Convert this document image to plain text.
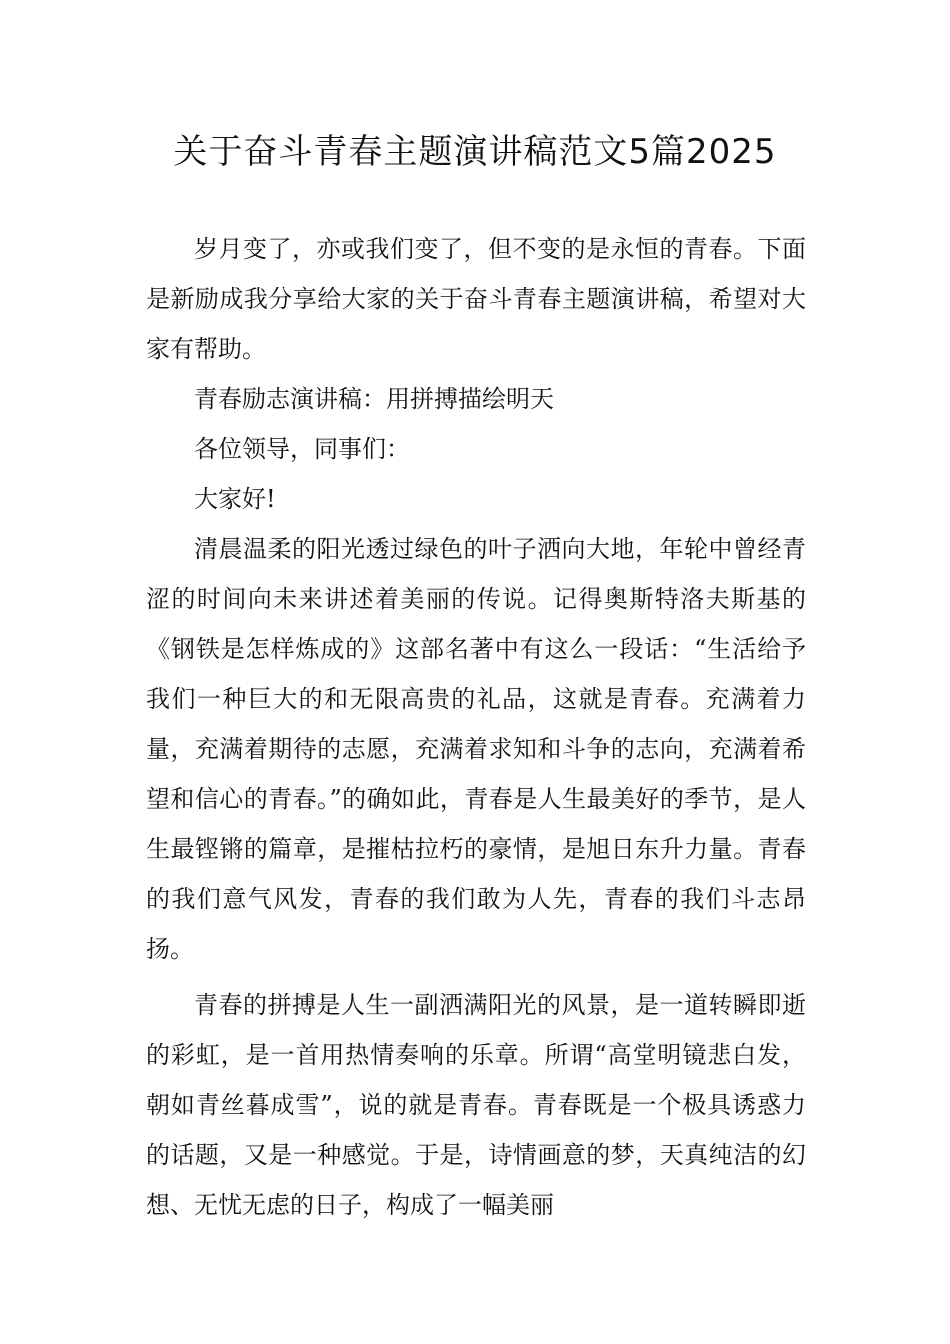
关于奋斗青春主题演讲稿范文5篇2025

岁月变了，亦或我们变了，但不变的是永恒的青春。下面是新励成我分享给大家的关于奋斗青春主题演讲稿，希望对大家有帮助。

青春励志演讲稿：用拼搏描绘明天

各位领导，同事们：

大家好!

清晨温柔的阳光透过绿色的叶子洒向大地，年轮中曾经青涩的时间向未来讲述着美丽的传说。记得奥斯特洛夫斯基的《钢铁是怎样炼成的》这部名著中有这么一段话：“生活给予我们一种巨大的和无限高贵的礼品，这就是青春。充满着力量，充满着期待的志愿，充满着求知和斗争的志向，充满着希望和信心的青春。”的确如此，青春是人生最美好的季节，是人生最铿锵的篇章，是摧枯拉朽的豪情，是旭日东升力量。青春的我们意气风发，青春的我们敢为人先，青春的我们斗志昂扬。

青春的拼搏是人生一副洒满阳光的风景，是一道转瞬即逝的彩虹，是一首用热情奏响的乐章。所谓“高堂明镜悲白发，朝如青丝暮成雪”，说的就是青春。青春既是一个极具诱惑力的话题，又是一种感觉。于是，诗情画意的梦，天真纯洁的幻想、无忧无虑的日子，构成了一幅美丽
